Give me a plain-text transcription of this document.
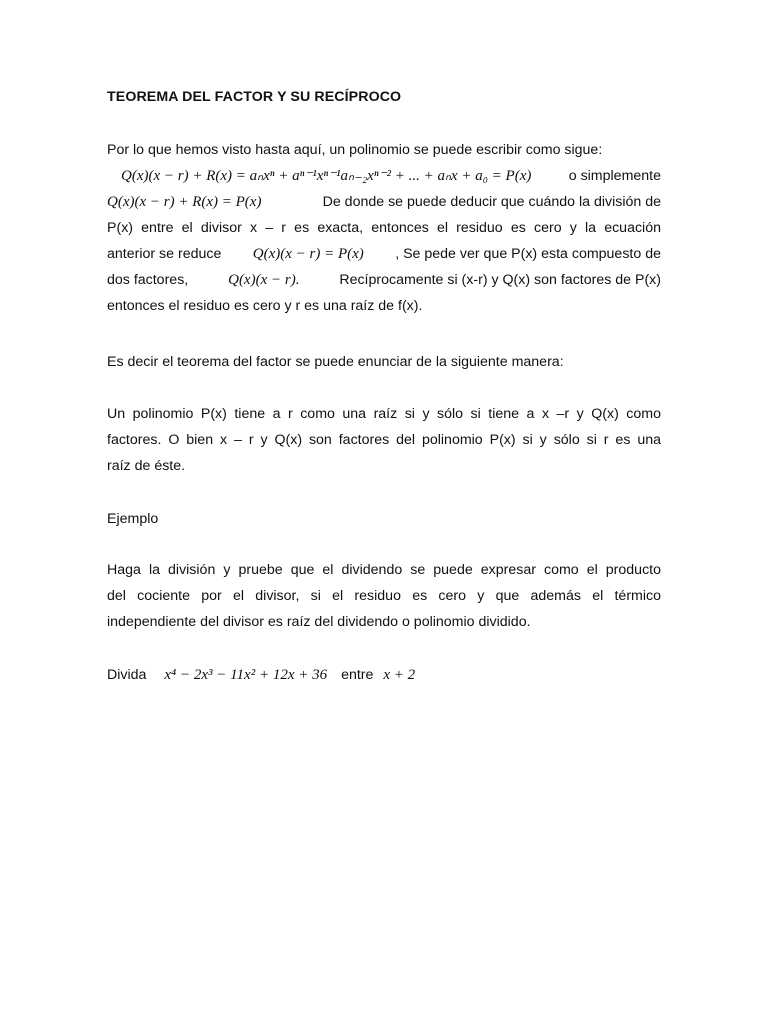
TEOREMA DEL FACTOR Y SU RECÍPROCO
Por lo que hemos visto hasta aquí, un polinomio se puede escribir como sigue:
Q(x)(x − r) + R(x) = aₙxⁿ + aⁿ⁻¹xⁿ⁻¹aₙ₋₂xⁿ⁻² + ... + aₙx + a₀ = P(x)	o simplemente
Q(x)(x − r) + R(x) = P(x)	De donde se puede deducir que cuándo la división de
P(x) entre el divisor x – r es exacta, entonces el residuo es cero y la ecuación
anterior se reduce Q(x)(x − r) = P(x) , Se pede ver que P(x) esta compuesto de
dos factores,	Q(x)(x − r).	Recíprocamente si (x-r) y Q(x) son factores de P(x)
entonces el residuo es cero y r es una raíz de f(x).
Es decir el teorema del factor se puede enunciar de la siguiente manera:
Un polinomio P(x) tiene a r como una raíz si y sólo si tiene a x –r y Q(x) como
factores. O bien x – r y Q(x) son factores del polinomio P(x) si y sólo si r es una
raíz de éste.
Ejemplo
Haga la división y pruebe que el dividendo se puede expresar como el producto
del cociente por el divisor, si el residuo es cero y que además el térmico
independiente del divisor es raíz del dividendo o polinomio dividido.
Divida x⁴ − 2x³ − 11x² + 12x + 36 entre x + 2
